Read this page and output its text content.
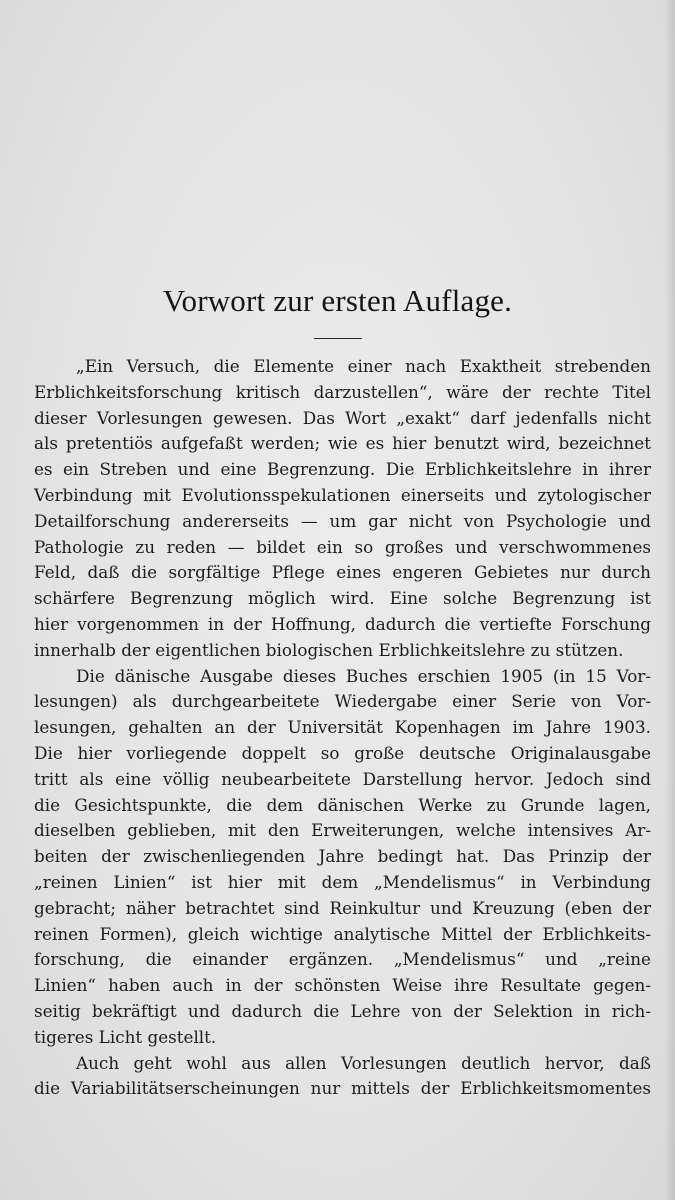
Vorwort zur ersten Auflage.
„Ein Versuch, die Elemente einer nach Exaktheit strebenden
Erblichkeitsforschung kritisch darzustellen“, wäre der rechte Titel
dieser Vorlesungen gewesen. Das Wort „exakt“ darf jedenfalls nicht
als pretentiös aufgefaßt werden; wie es hier benutzt wird, bezeichnet
es ein Streben und eine Begrenzung. Die Erblichkeitslehre in ihrer
Verbindung mit Evolutionsspekulationen einerseits und zytologischer
Detailforschung andererseits — um gar nicht von Psychologie und
Pathologie zu reden — bildet ein so großes und verschwommenes
Feld, daß die sorgfältige Pflege eines engeren Gebietes nur durch
schärfere Begrenzung möglich wird. Eine solche Begrenzung ist
hier vorgenommen in der Hoffnung, dadurch die vertiefte Forschung
innerhalb der eigentlichen biologischen Erblichkeitslehre zu stützen.
Die dänische Ausgabe dieses Buches erschien 1905 (in 15 Vor-
lesungen) als durchgearbeitete Wiedergabe einer Serie von Vor-
lesungen, gehalten an der Universität Kopenhagen im Jahre 1903.
Die hier vorliegende doppelt so große deutsche Originalausgabe
tritt als eine völlig neubearbeitete Darstellung hervor. Jedoch sind
die Gesichtspunkte, die dem dänischen Werke zu Grunde lagen,
dieselben geblieben, mit den Erweiterungen, welche intensives Ar-
beiten der zwischenliegenden Jahre bedingt hat. Das Prinzip der
„reinen Linien“ ist hier mit dem „Mendelismus“ in Verbindung
gebracht; näher betrachtet sind Reinkultur und Kreuzung (eben der
reinen Formen), gleich wichtige analytische Mittel der Erblichkeits-
forschung, die einander ergänzen. „Mendelismus“ und „reine
Linien“ haben auch in der schönsten Weise ihre Resultate gegen-
seitig bekräftigt und dadurch die Lehre von der Selektion in rich-
tigeres Licht gestellt.
Auch geht wohl aus allen Vorlesungen deutlich hervor, daß
die Variabilitätserscheinungen nur mittels der Erblichkeitsmomentes
